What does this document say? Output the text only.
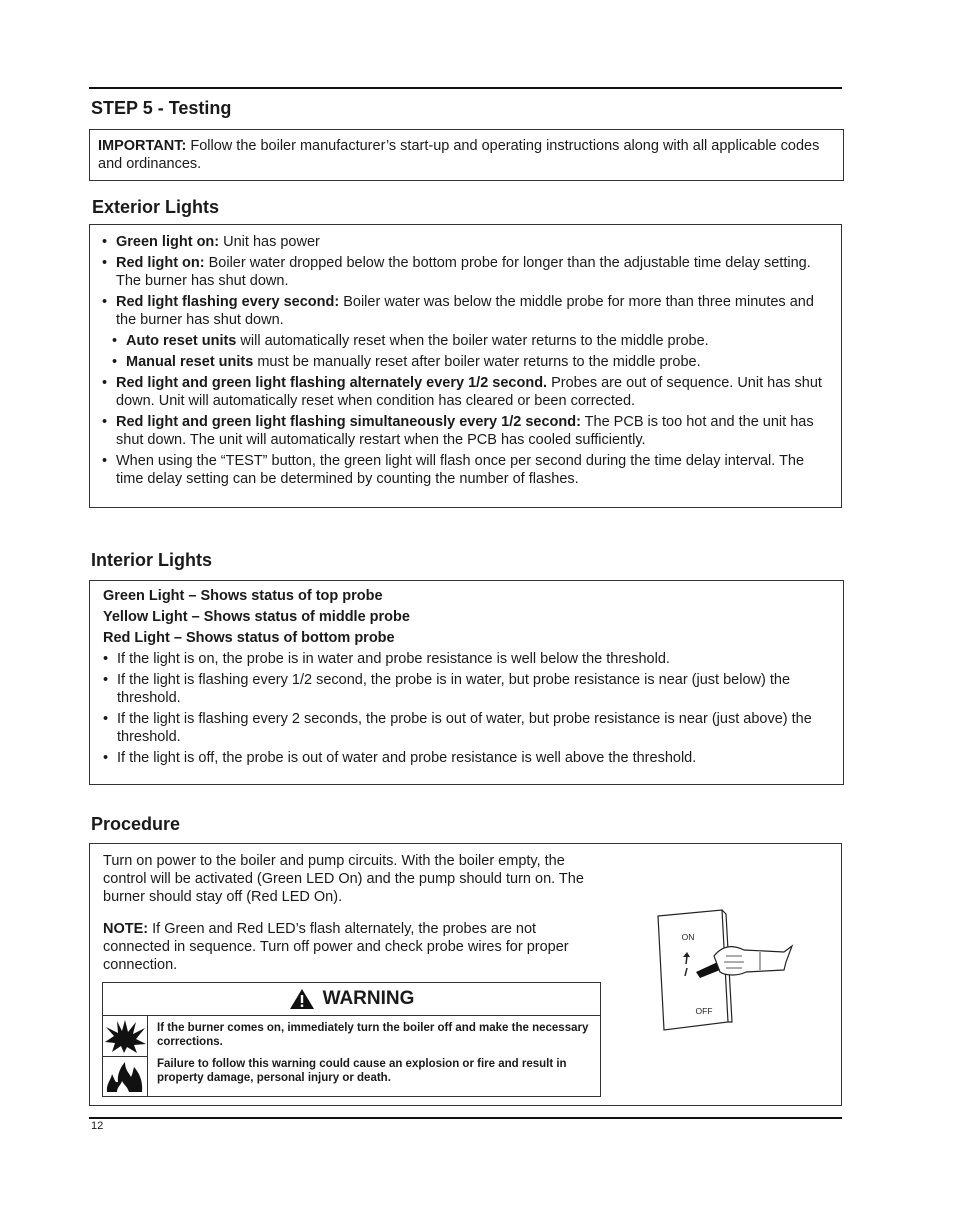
STEP 5 - Testing
IMPORTANT: Follow the boiler manufacturer’s start-up and operating instructions along with all applicable codes and ordinances.
Exterior Lights
• Green light on: Unit has power
• Red light on: Boiler water dropped below the bottom probe for longer than the adjustable time delay setting. The burner has shut down.
• Red light flashing every second: Boiler water was below the middle probe for more than three minutes and the burner has shut down.
• Auto reset units will automatically reset when the boiler water returns to the middle probe.
• Manual reset units must be manually reset after boiler water returns to the middle probe.
• Red light and green light flashing alternately every 1/2 second. Probes are out of sequence. Unit has shut down. Unit will automatically reset when condition has cleared or been corrected.
• Red light and green light flashing simultaneously every 1/2 second: The PCB is too hot and the unit has shut down. The unit will automatically restart when the PCB has cooled sufficiently.
• When using the “TEST” button, the green light will flash once per second during the time delay interval. The time delay setting can be determined by counting the number of flashes.
Interior Lights

Green Light – Shows status of top probe

Yellow Light – Shows status of middle probe

Red Light – Shows status of bottom probe

• If the light is on, the probe is in water and probe resistance is well below the threshold.
• If the light is flashing every 1/2 second, the probe is in water, but probe resistance is near (just below) the threshold.
• If the light is flashing every 2 seconds, the probe is out of water, but probe resistance is near (just above) the threshold.
• If the light is off, the probe is out of water and probe resistance is well above the threshold.
Procedure

Turn on power to the boiler and pump circuits. With the boiler empty, the control will be activated (Green LED On) and the pump should turn on. The burner should stay off (Red LED On).

NOTE: If Green and Red LED’s flash alternately, the probes are not connected in sequence. Turn off power and check probe wires for proper connection.

WARNING

If the burner comes on, immediately turn the boiler off and make the necessary corrections.

Failure to follow this warning could cause an explosion or fire and result in property damage, personal injury or death.

ON
OFF
12
